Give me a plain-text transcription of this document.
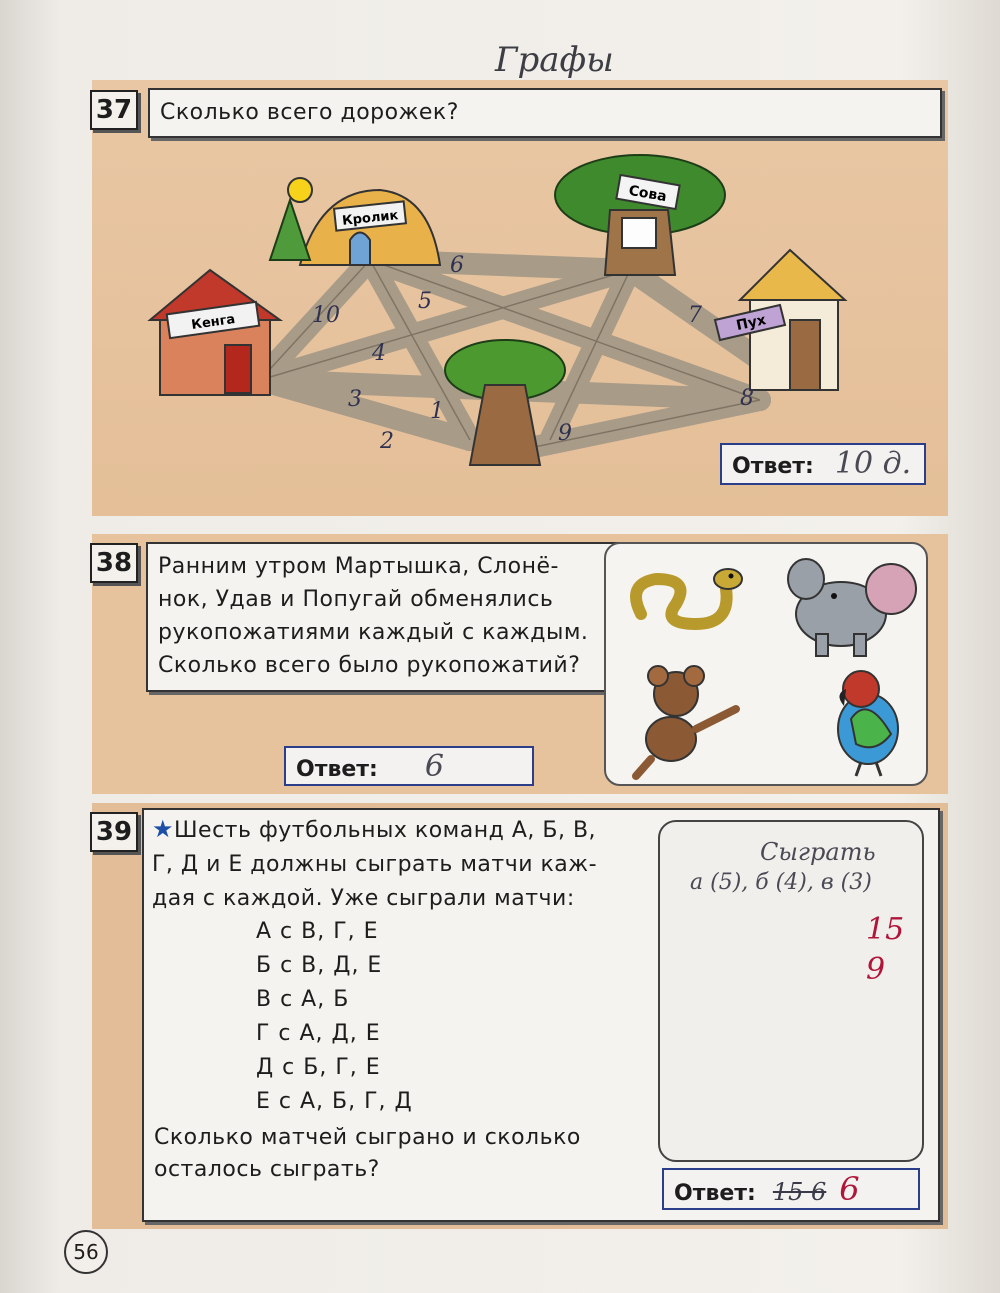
Графы
37	Сколько всего дорожек?
Кролик
Сова
Кенга	Пух
10
4
3
2
1
5
6
7
8
9
Ответ: 10 д.
38 Ранним утром Мартышка, Слонё-
нок, Удав и Попугай обменялись
рукопожатиями каждый с каждым.
Сколько всего было рукопожатий?
Ответ: 6
39 ★Шесть футбольных команд А, Б, В,
Г, Д и Е должны сыграть матчи каж-
дая с каждой. Уже сыграли матчи:
А с В, Г, Е
Б с В, Д, Е
В с А, Б
Г с А, Д, Е
Д с Б, Г, Е
Е с А, Б, Г, Д
Сколько матчей сыграно и сколько
осталось сыграть?
Сыграть
а (5), б (4), в (3)
15
9
Ответ: 15 6 6
56
